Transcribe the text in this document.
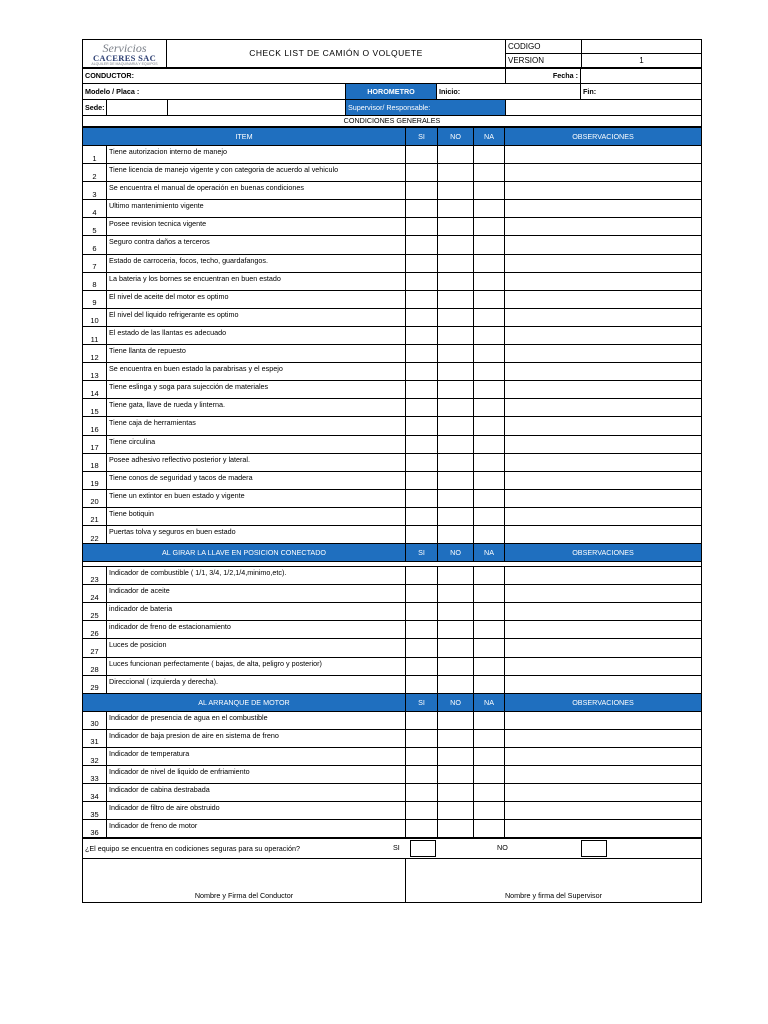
Servicios
CACERES SAC
ALQUILER DE MAQUINARIA Y EQUIPOS	CHECK LIST DE CAMIÓN O VOLQUETE	CODIGO	
		VERSION	1
CONDUCTOR:					Fecha :	
Modelo / Placa :			HOROMETRO	Inicio:		Fin:
Sede:			Supervisor/ Responsable:			
CONDICIONES GENERALES						
ITEM		SI	NO	NA	OBSERVACIONES
1	Tiene autorizacion interno de manejo				
2	Tiene licencia de manejo vigente y con categoria de acuerdo al vehiculo				
3	Se encuentra el manual de operación en buenas condiciones				
4	Ultimo mantenimiento vigente				
5	Posee revision tecnica vigente				
6	Seguro contra daños a terceros				
7	Estado de carroceria, focos, techo, guardafangos.				
8	La bateria y los bornes se encuentran en buen estado				
9	El nivel de aceite del motor es optimo				
10	El nivel del liquido refrigerante es optimo				
11	El estado de las llantas es adecuado				
12	Tiene llanta de repuesto				
13	Se encuentra en buen estado la parabrisas y el espejo				
14	Tiene eslinga y soga para sujección de materiales				
15	Tiene gata, llave de rueda y linterna.				
16	Tiene caja de herramientas				
17	Tiene circulina				
18	Posee adhesivo reflectivo posterior y lateral.				
19	Tiene conos de seguridad y tacos de madera				
20	Tiene un extintor en buen estado y vigente				
21	Tiene botiquin				
22	Puertas tolva y seguros en buen estado				
AL GIRAR LA LLAVE EN POSICION CONECTADO		SI	NO	NA	OBSERVACIONES

23	Indicador de combustible ( 1/1, 3/4, 1/2,1/4,minimo,etc).				
24	Indicador de aceite				
25	indicador de bateria				
26	indicador de freno de estacionamiento				
27	Luces de posicion				
28	Luces funcionan perfectamente ( bajas, de alta, peligro y posterior)				
29	Direccional ( izquierda y derecha).				
AL ARRANQUE DE MOTOR		SI	NO	NA	OBSERVACIONES
30	Indicador de presencia de agua en el combustible				
31	Indicador de baja presion de aire en sistema de freno				
32	Indicador de temperatura				
33	Indicador de nivel de liquido de enfriamiento				
34	Indicador de cabina destrabada				
35	Indicador de filtro de aire obstruido				
36	Indicador de freno de motor				
¿El equipo se encuentra en codiciones seguras para su operación?	SI	NO

Nombre y Firma del Conductor	Nombre y firma del Supervisor
